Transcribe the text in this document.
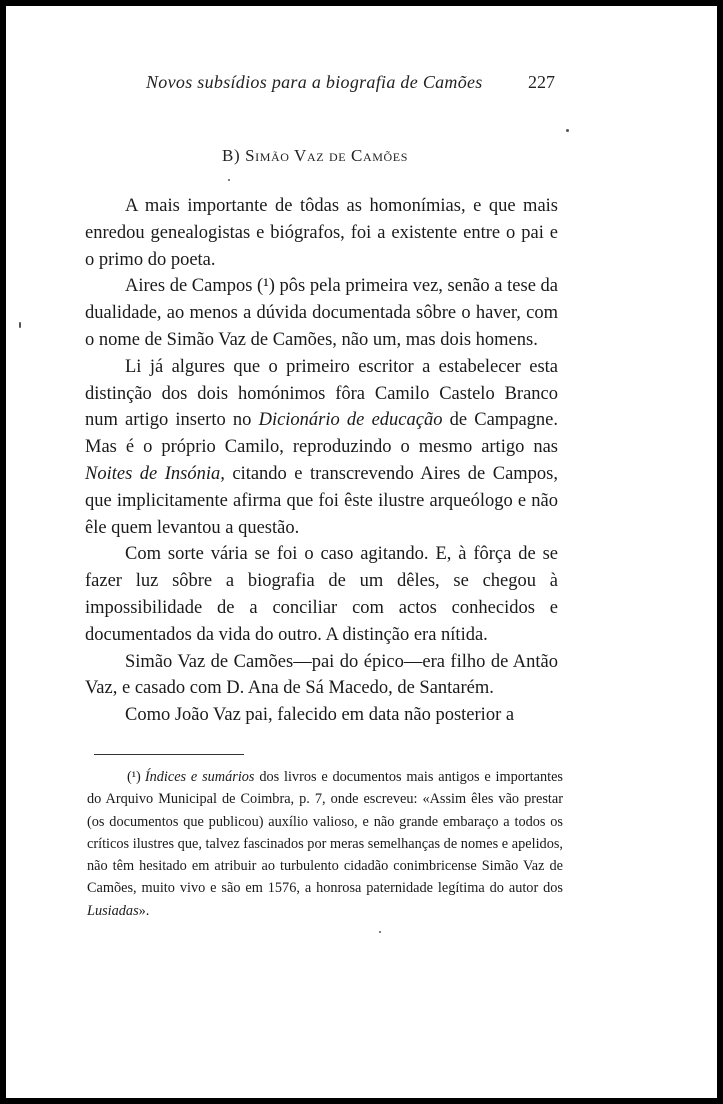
Novos subsídios para a biografia de Camões	227
B) Simão Vaz de Camões

A mais importante de tôdas as homonímias, e que mais enredou genealogistas e biógrafos, foi a existente entre o pai e o primo do poeta.

Aires de Campos (¹) pôs pela primeira vez, senão a tese da dualidade, ao menos a dúvida documentada sôbre o haver, com o nome de Simão Vaz de Camões, não um, mas dois homens.

Li já algures que o primeiro escritor a estabelecer esta distinção dos dois homónimos fôra Camilo Castelo Branco num artigo inserto no Dicionário de educação de Campagne. Mas é o próprio Camilo, reproduzindo o mesmo artigo nas Noites de Insónia, citando e transcrevendo Aires de Campos, que implicitamente afirma que foi êste ilustre arqueólogo e não êle quem levantou a questão.

Com sorte vária se foi o caso agitando. E, à fôrça de se fazer luz sôbre a biografia de um dêles, se chegou à impossibilidade de a conciliar com actos conhecidos e documentados da vida do outro. A distinção era nítida.

Simão Vaz de Camões—pai do épico—era filho de Antão Vaz, e casado com D. Ana de Sá Macedo, de Santarém.

Como João Vaz pai, falecido em data não posterior a

(¹) Índices e sumários dos livros e documentos mais antigos e importantes do Arquivo Municipal de Coimbra, p. 7, onde escreveu: «Assim êles vão prestar (os documentos que publicou) auxílio valioso, e não grande embaraço a todos os críticos ilustres que, talvez fascinados por meras semelhanças de nomes e apelidos, não têm hesitado em atribuir ao turbulento cidadão conimbricense Simão Vaz de Camões, muito vivo e são em 1576, a honrosa paternidade legítima do autor dos Lusiadas».
